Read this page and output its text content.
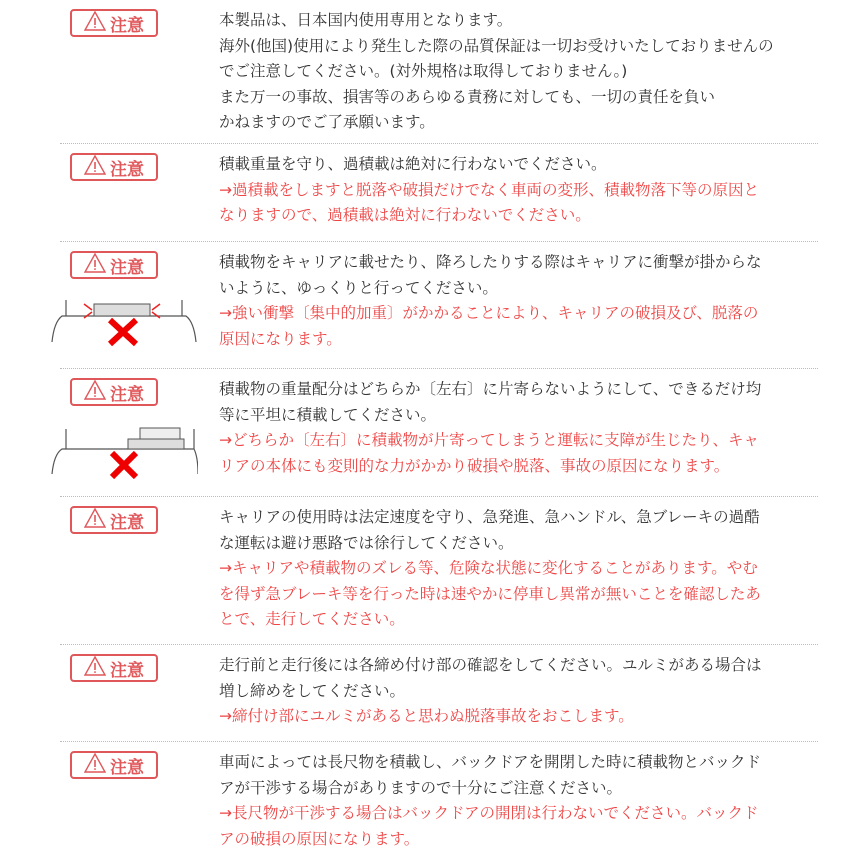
注意	本製品は、日本国内使用専用となります。
海外(他国)使用により発生した際の品質保証は一切お受けいたしておりませんの
でご注意してください。(対外規格は取得しておりません。)
また万一の事故、損害等のあらゆる責務に対しても、一切の責任を負い
かねますのでご了承願います。
注意	積載重量を守り、過積載は絶対に行わないでください。
→過積載をしますと脱落や破損だけでなく車両の変形、積載物落下等の原因と
なりますので、過積載は絶対に行わないでください。
注意	積載物をキャリアに載せたり、降ろしたりする際はキャリアに衝撃が掛からな
いように、ゆっくりと行ってください。
→強い衝撃〔集中的加重〕がかかることにより、キャリアの破損及び、脱落の
原因になります。
注意	積載物の重量配分はどちらか〔左右〕に片寄らないようにして、できるだけ均
等に平坦に積載してください。
→どちらか〔左右〕に積載物が片寄ってしまうと運転に支障が生じたり、キャ
リアの本体にも変則的な力がかかり破損や脱落、事故の原因になります。
注意	キャリアの使用時は法定速度を守り、急発進、急ハンドル、急ブレーキの過酷
な運転は避け悪路では徐行してください。
→キャリアや積載物のズレる等、危険な状態に変化することがあります。やむ
を得ず急ブレーキ等を行った時は速やかに停車し異常が無いことを確認したあ
とで、走行してください。
注意	走行前と走行後には各締め付け部の確認をしてください。ユルミがある場合は
増し締めをしてください。
→締付け部にユルミがあると思わぬ脱落事故をおこします。
注意	車両によっては長尺物を積載し、バックドアを開閉した時に積載物とバックド
アが干渉する場合がありますので十分にご注意ください。
→長尺物が干渉する場合はバックドアの開閉は行わないでください。バックド
アの破損の原因になります。
